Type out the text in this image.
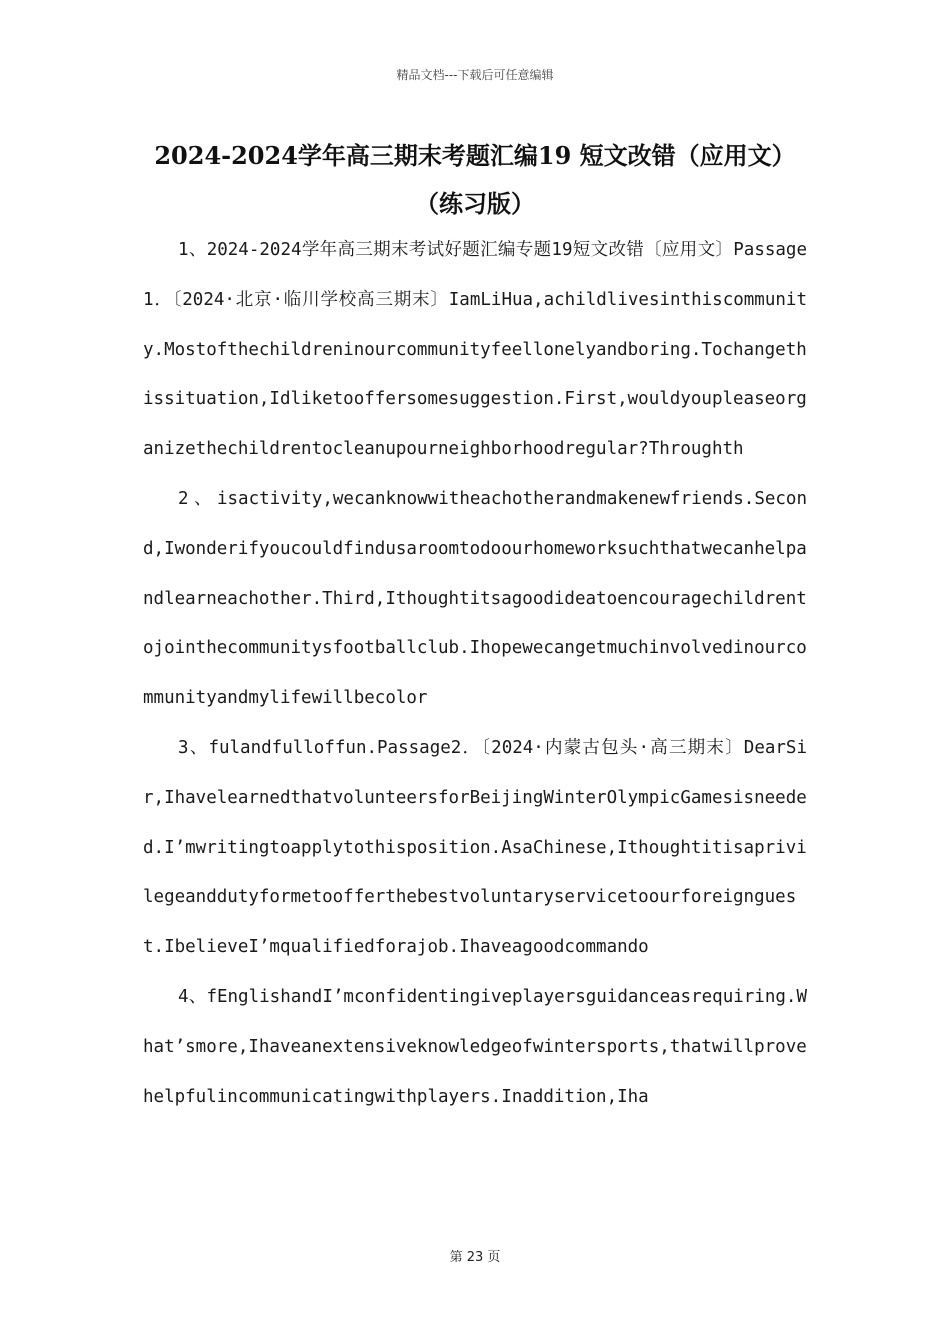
精品文档---下载后可任意编辑
2024-2024学年高三期末考题汇编19 短文改错（应用文）
（练习版）

1、2024-2024学年高三期末考试好题汇编专题19短文改错〔应用文〕Passage1．〔2024·北京·临川学校高三期末〕IamLiHua,achildlivesinthiscommunity.Mostofthechildreninourcommunityfeellonelyandboring.Tochangethissituation,Idliketooffersomesuggestion.First,wouldyoupleaseorganizethechildrentocleanupourneighborhoodregular?Throughth

2、isactivity,wecanknowwitheachotherandmakenewfriends.Second,Iwonderifyoucouldfindusaroomtodoourhomeworksuchthatwecanhelpandlearneachother.Third,Ithoughtitsagoodideatoencouragechildrentojointhecommunitysfootballclub.Ihopewecangetmuchinvolvedinourcommunityandmylifewillbecolor

3、fulandfulloffun.Passage2．〔2024·内蒙古包头·高三期末〕DearSir,IhavelearnedthatvolunteersforBeijingWinterOlympicGamesisneeded.I’mwritingtoapplytothisposition.AsaChinese,Ithoughtitisaprivilegeanddutyformetoofferthebestvoluntaryservicetoourforeignguest.IbelieveI’mqualifiedforajob.Ihaveagoodcommando

4、fEnglishandI’mconfidentingiveplayersguidanceasrequiring.What’smore,Ihaveanextensiveknowledgeofwintersports,thatwillprovehelpfulincommunicatingwithplayers.Inaddition,Iha

第 23 页
